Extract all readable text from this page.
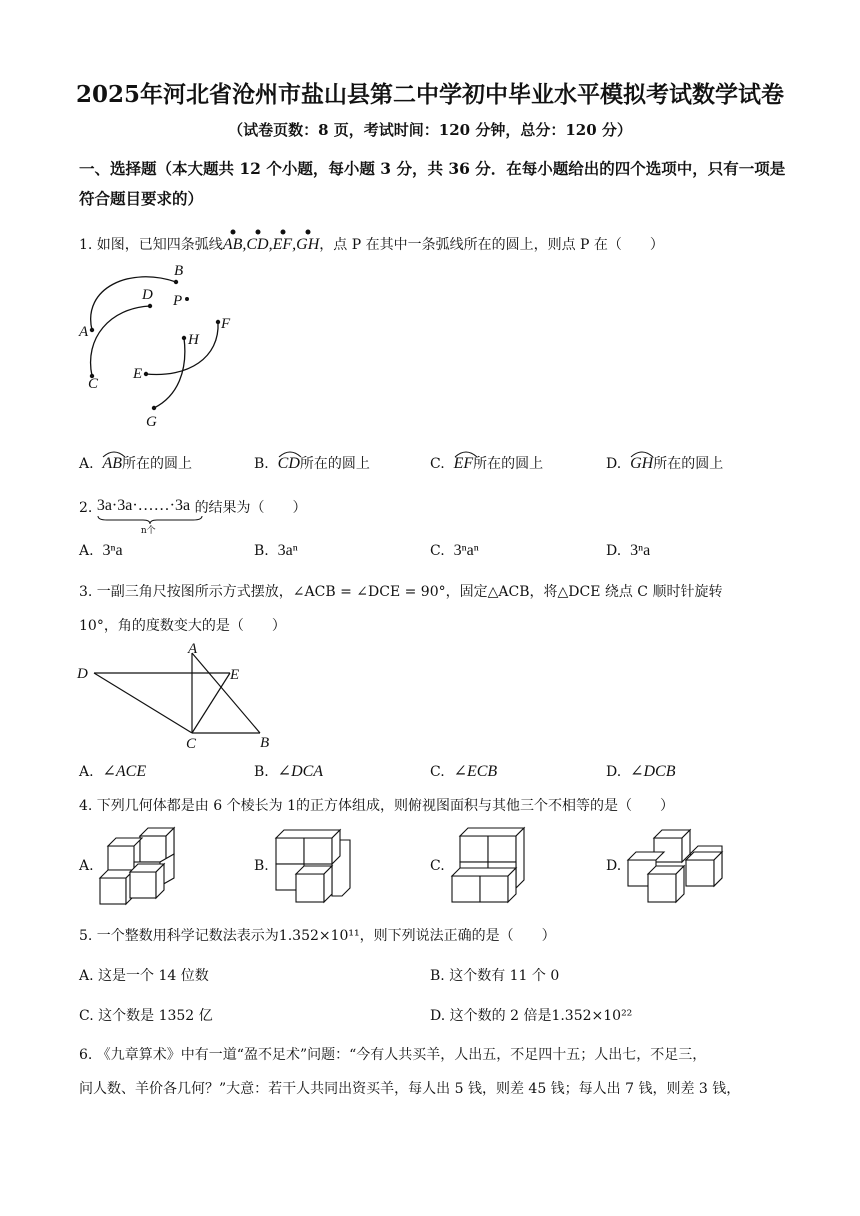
2025年河北省沧州市盐山县第二中学初中毕业水平模拟考试数学试卷
（试卷页数：8 页，考试时间：120 分钟，总分：120 分）
一、选择题（本大题共 12 个小题，每小题 3 分，共 36 分．在每小题给出的四个选项中，只有一项是符合题目要求的）
1. 如图，已知四条弧线
AB,
CD,
EF,
GH，点 P 在其中一条弧线所在的圆上，则点 P 在（　　）
A
B
C
D
E
F
G
H
P
A. AB所在的圆上	B. CD所在的圆上	C. EF所在的圆上	D. GH所在的圆上
2. 3a·3a·……·3a
n个
的结果为（　　）
A. 3ⁿa	B. 3aⁿ	C. 3ⁿaⁿ	D. 3ⁿa
3. 一副三角尺按图所示方式摆放，∠ACB = ∠DCE = 90°，固定△ACB，将△DCE 绕点 C 顺时针旋转
10°，角的度数变大的是（　　）
A
B
C
D	E
A. ∠ACE	B. ∠DCA	C. ∠ECB	D. ∠DCB
4. 下列几何体都是由 6 个棱长为 1的正方体组成，则俯视图面积与其他三个不相等的是（　　）
A.	B.	C.	D.
5. 一个整数用科学记数法表示为1.352×10¹¹，则下列说法正确的是（　　）
A. 这是一个 14 位数	B. 这个数有 11 个 0
C. 这个数是 1352 亿	D. 这个数的 2 倍是1.352×10²²
6. 《九章算术》中有一道“盈不足术”问题：“今有人共买羊，人出五，不足四十五；人出七，不足三，
问人数、羊价各几何？”大意：若干人共同出资买羊，每人出 5 钱，则差 45 钱；每人出 7 钱，则差 3 钱，
